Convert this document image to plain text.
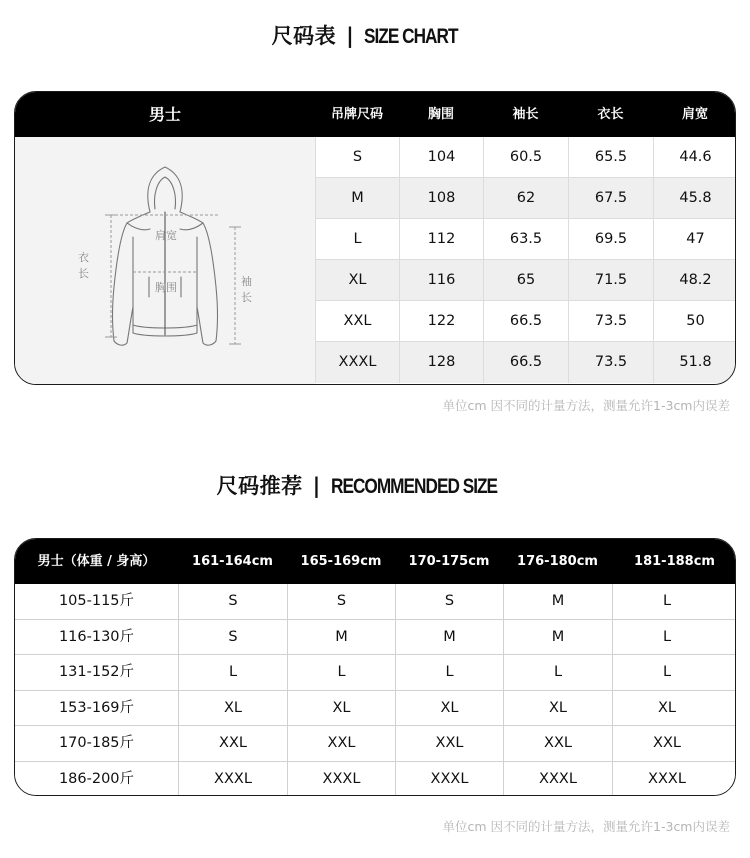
尺码表 | SIZE CHART
男士	吊牌尺码	胸围	袖长	衣长	肩宽
肩宽
胸围
衣
长
袖
长
S	104	60.5	65.5	44.6
M	108	62	67.5	45.8
L	112	63.5	69.5	47
XL	116	65	71.5	48.2
XXL	122	66.5	73.5	50
XXXL	128	66.5	73.5	51.8
单位cm 因不同的计量方法，测量允许1-3cm内误差
尺码推荐 | RECOMMENDED SIZE
男士（体重 / 身高）	161-164cm	165-169cm	170-175cm	176-180cm	181-188cm
105-115斤	S	S	S	M	L
116-130斤	S	M	M	M	L
131-152斤	L	L	L	L	L
153-169斤	XL	XL	XL	XL	XL
170-185斤	XXL	XXL	XXL	XXL	XXL
186-200斤	XXXL	XXXL	XXXL	XXXL	XXXL
单位cm 因不同的计量方法，测量允许1-3cm内误差
